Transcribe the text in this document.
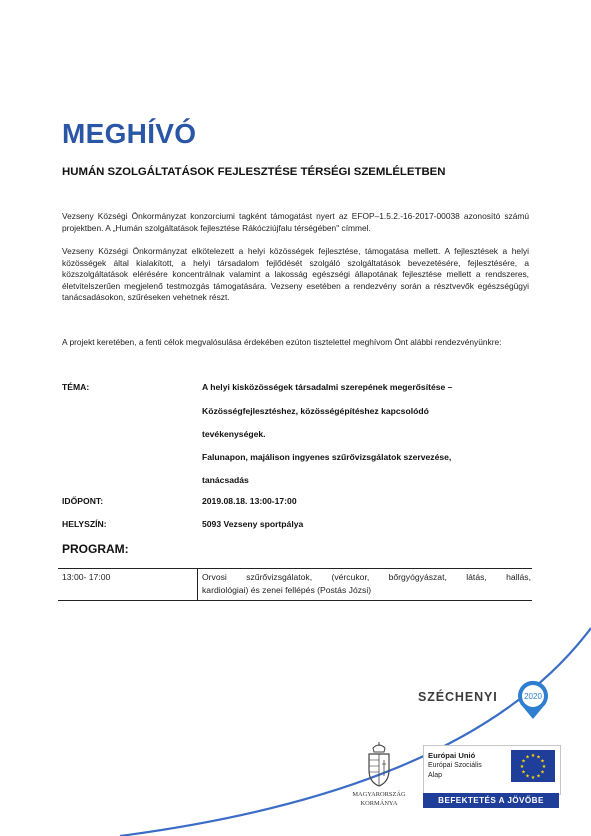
MEGHÍVÓ
HUMÁN SZOLGÁLTATÁSOK FEJLESZTÉSE TÉRSÉGI SZEMLÉLETBEN
Vezseny Községi Önkormányzat konzorciumi tagként támogatást nyert az EFOP–1.5.2.-16-2017-00038 azonosító számú projektben. A „Humán szolgáltatások fejlesztése Rákócziújfalu térségében" címmel.
Vezseny Községi Önkormányzat elkötelezett a helyi közösségek fejlesztése, támogatása mellett. A fejlesztések a helyi közösségek által kialakított, a helyi társadalom fejlődését szolgáló szolgáltatások bevezetésére, fejlesztésére, a közszolgáltatások elérésére koncentrálnak valamint a lakosság egészségi állapotának fejlesztése mellett a rendszeres, életvitelszerűen megjelenő testmozgás támogatására. Vezseny esetében a rendezvény során a résztvevők egészségügyi tanácsadásokon, szűréseken vehetnek részt.
A projekt keretében, a fenti célok megvalósulása érdekében ezúton tisztelettel meghívom Önt alábbi rendezvényünkre:
TÉMA:	A helyi kisközösségek társadalmi szerepének megerősítése –
Közösségfejlesztéshez, közösségépítéshez kapcsolódó
tevékenységek.
Falunapon, majálison ingyenes szűrővizsgálatok szervezése,
tanácsadás
IDŐPONT:	2019.08.18. 13:00-17:00
HELYSZÍN:	5093 Vezseny sportpálya
PROGRAM:
13:00- 17:00	Orvosi szűrővizsgálatok, (vércukor, bőrgyógyászat, látás, hallás,
kardiológiai) és zenei fellépés (Postás Józsi)
SZÉCHENYI	2020
MAGYARORSZÁG
KORMÁNYA
Európai Unió
Európai Szociális
Alap
★ ★
★
★
★
★
★
★
★
★
★
★
BEFEKTETÉS A JÖVŐBE
